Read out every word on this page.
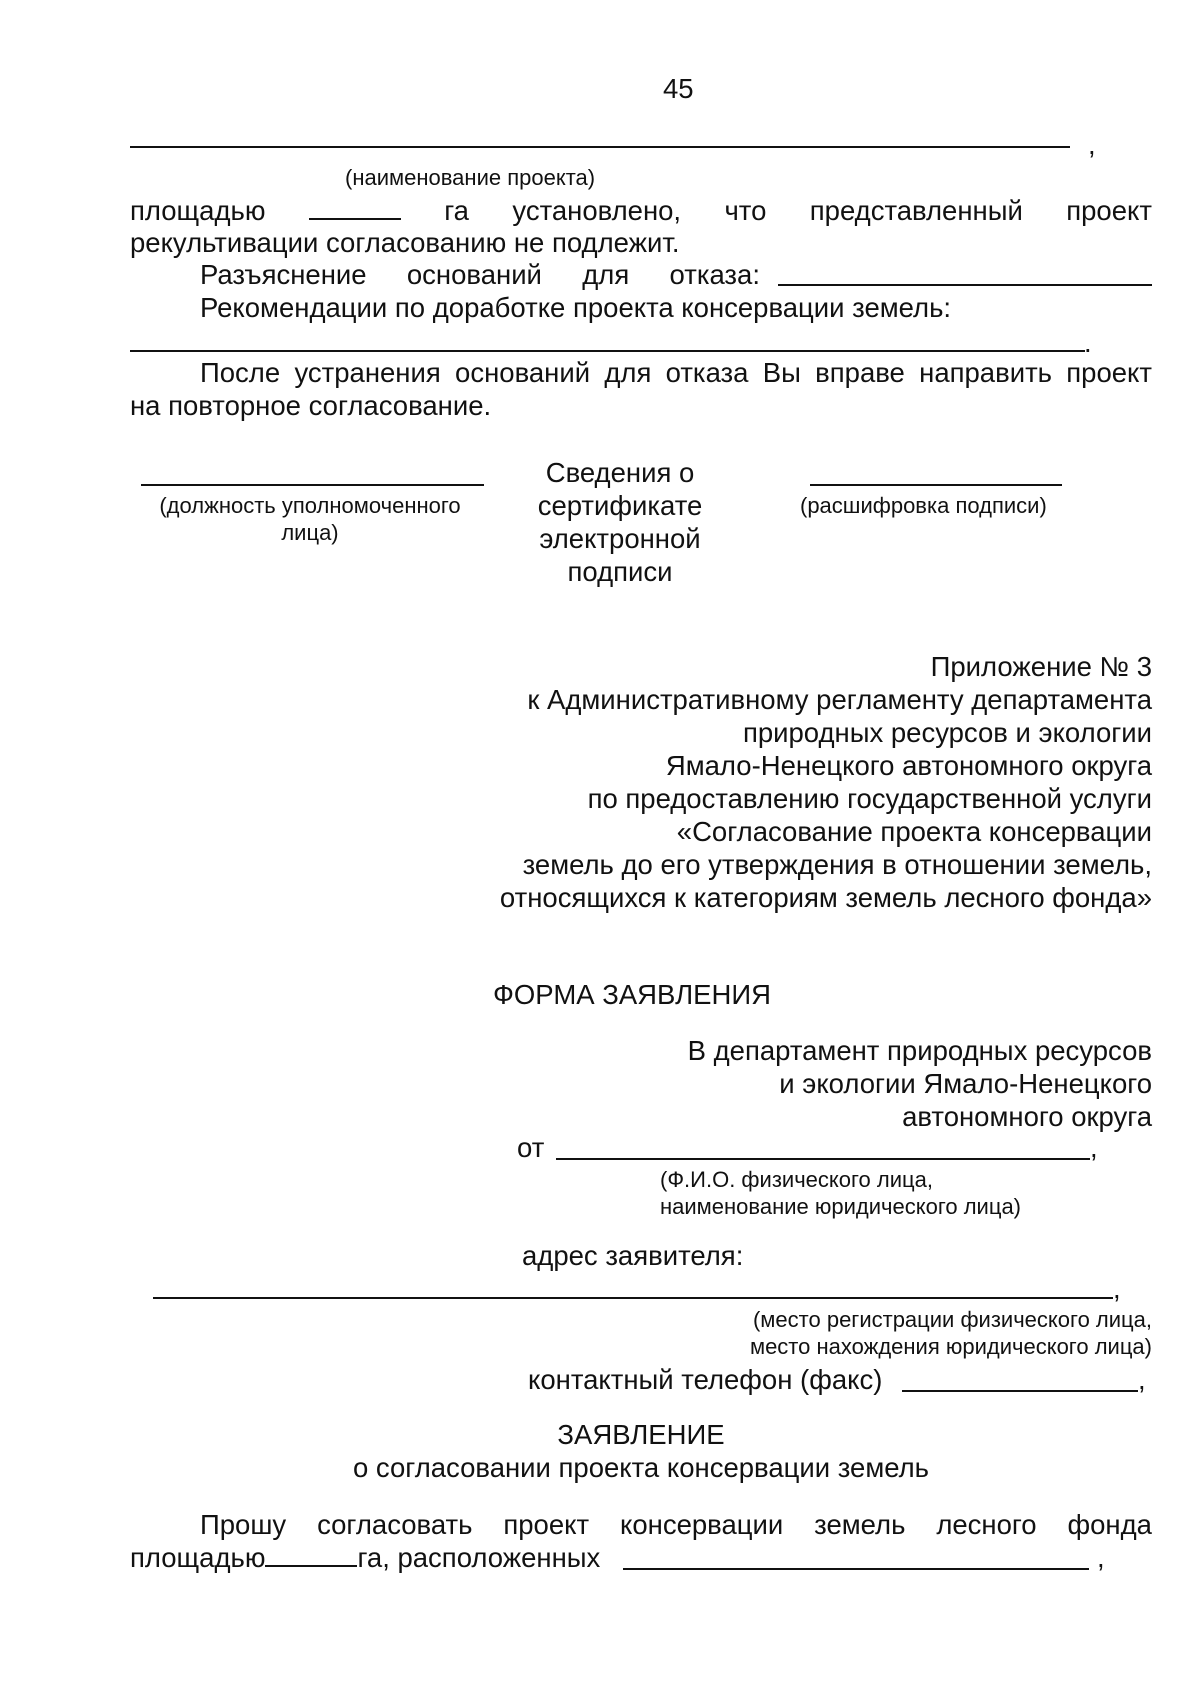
45
,
(наименование проекта)
площадью	га установлено, что представленный проект
рекультивации согласованию не подлежит.
Разъяснение оснований для отказа:
Рекомендации по доработке проекта консервации земель:
.
После устранения оснований для отказа Вы вправе направить проект
на повторное согласование.
(должность уполномоченного
лица)
Сведения о
сертификате
электронной
подписи
(расшифровка подписи)
Приложение № 3
к Административному регламенту департамента
природных ресурсов и экологии
Ямало-Ненецкого автономного округа
по предоставлению государственной услуги
«Согласование проекта консервации
земель до его утверждения в отношении земель,
относящихся к категориям земель лесного фонда»
ФОРМА ЗАЯВЛЕНИЯ
В департамент природных ресурсов
и экологии Ямало-Ненецкого
автономного округа
от	,
(Ф.И.О. физического лица,
наименование юридического лица)
адрес заявителя:
,
(место регистрации физического лица,
место нахождения юридического лица)
контактный телефон (факс)	,
ЗАЯВЛЕНИЕ
о согласовании проекта консервации земель
Прошу согласовать проект консервации земель лесного фонда
площадью	га, расположенных	,
